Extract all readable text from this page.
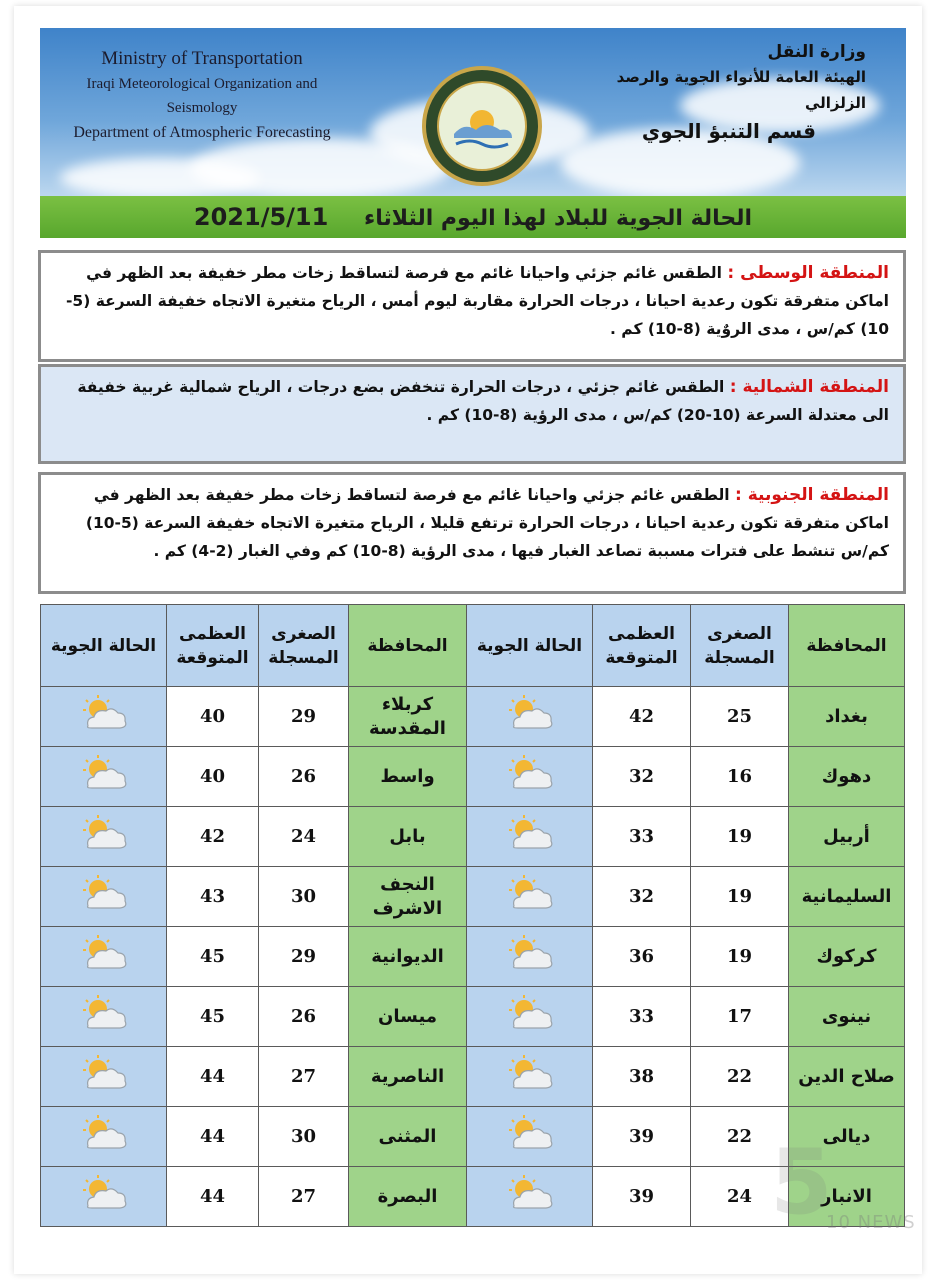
Ministry of Transportation
Iraqi Meteorological Organization and Seismology
Department of Atmospheric Forecasting
وزارة النقل
الهيئة العامة للأنواء الجوية والرصد الزلزالي
قسم التنبؤ الجوي
الحالة الجوية للبلاد لهذا اليوم الثلاثاء 2021/5/11
المنطقة الوسطى : الطقس غائم جزئي واحيانا غائم مع فرصة لتساقط زخات مطر خفيفة بعد الظهر في اماكن متفرقة تكون رعدية احيانا ، درجات الحرارة مقاربة ليوم أمس ، الرياح متغيرة الاتجاه خفيفة السرعة (5-10) كم/س ، مدى الروٌية (8-10) كم .
المنطقة الشمالية : الطقس غائم جزئي ، درجات الحرارة تنخفض بضع درجات ، الرياح شمالية غربية خفيفة الى معتدلة السرعة (10-20) كم/س ، مدى الرؤية (8-10) كم .
المنطقة الجنوبية : الطقس غائم جزئي واحيانا غائم مع فرصة لتساقط زخات مطر خفيفة بعد الظهر في اماكن متفرقة تكون رعدية احيانا ، درجات الحرارة ترتفع قليلا ، الرياح متغيرة الاتجاه خفيفة السرعة (5-10) كم/س تنشط على فترات مسببة تصاعد الغبار فيها ، مدى الرؤية (8-10) كم وفي الغبار (2-4) كم .
المحافظة	الصغرى المسجلة	العظمى المتوقعة	الحالة الجوية	المحافظة	الصغرى المسجلة	العظمى المتوقعة	الحالة الجوية
بغداد	25	42		كربلاء المقدسة	29	40	
دهوك	16	32		واسط	26	40	
أربيل	19	33		بابل	24	42	
السليمانية	19	32		النجف الاشرف	30	43	
كركوك	19	36		الديوانية	29	45	
نينوى	17	33		ميسان	26	45	
صلاح الدين	22	38		الناصرية	27	44	
ديالى	22	39		المثنى	30	44	
الانبار	24	39		البصرة	27	44		5
10 NEWS
